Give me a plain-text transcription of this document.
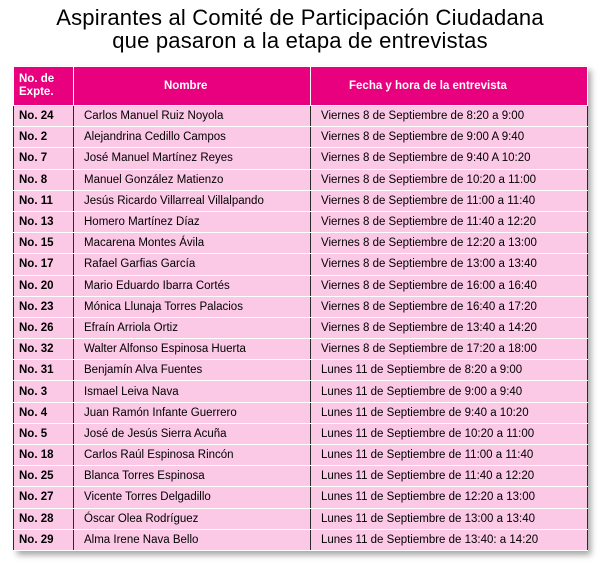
Aspirantes al Comité de Participación Ciudadana
que pasaron a la etapa de entrevistas
No. de Expte.	Nombre	Fecha y hora de la entrevista
No. 24	Carlos Manuel Ruiz Noyola	Viernes 8 de Septiembre de 8:20 a 9:00
No. 2	Alejandrina Cedillo Campos	Viernes 8 de Septiembre de 9:00 A 9:40
No. 7	José Manuel Martínez Reyes	Viernes 8 de Septiembre de 9:40 A 10:20
No. 8	Manuel González Matienzo	Viernes 8 de Septiembre de 10:20 a 11:00
No. 11	Jesús Ricardo Villarreal Villalpando	Viernes 8 de Septiembre de 11:00 a 11:40
No. 13	Homero Martínez Díaz	Viernes 8 de Septiembre de 11:40 a 12:20
No. 15	Macarena Montes Ávila	Viernes 8 de Septiembre de 12:20 a 13:00
No. 17	Rafael Garfias García	Viernes 8 de Septiembre de 13:00 a 13:40
No. 20	Mario Eduardo Ibarra Cortés	Viernes 8 de Septiembre de 16:00 a 16:40
No. 23	Mónica Llunaja Torres Palacios	Viernes 8 de Septiembre de 16:40 a 17:20
No. 26	Efraín Arriola Ortiz	Viernes 8 de Septiembre de 13:40 a 14:20
No. 32	Walter Alfonso Espinosa Huerta	Viernes 8 de Septiembre de 17:20 a 18:00
No. 31	Benjamín Alva Fuentes	Lunes 11 de Septiembre de 8:20 a 9:00
No. 3	Ismael Leiva Nava	Lunes 11 de Septiembre de 9:00 a 9:40
No. 4	Juan Ramón Infante Guerrero	Lunes 11 de Septiembre de 9:40 a 10:20
No. 5	José de Jesús Sierra Acuña	Lunes 11 de Septiembre de 10:20 a 11:00
No. 18	Carlos Raúl Espinosa Rincón	Lunes 11 de Septiembre de 11:00 a 11:40
No. 25	Blanca Torres Espinosa	Lunes 11 de Septiembre de 11:40 a 12:20
No. 27	Vicente Torres Delgadillo	Lunes 11 de Septiembre de 12:20 a 13:00
No. 28	Óscar Olea Rodríguez	Lunes 11 de Septiembre de 13:00 a 13:40
No. 29	Alma Irene Nava Bello	Lunes 11 de Septiembre de 13:40: a 14:20
